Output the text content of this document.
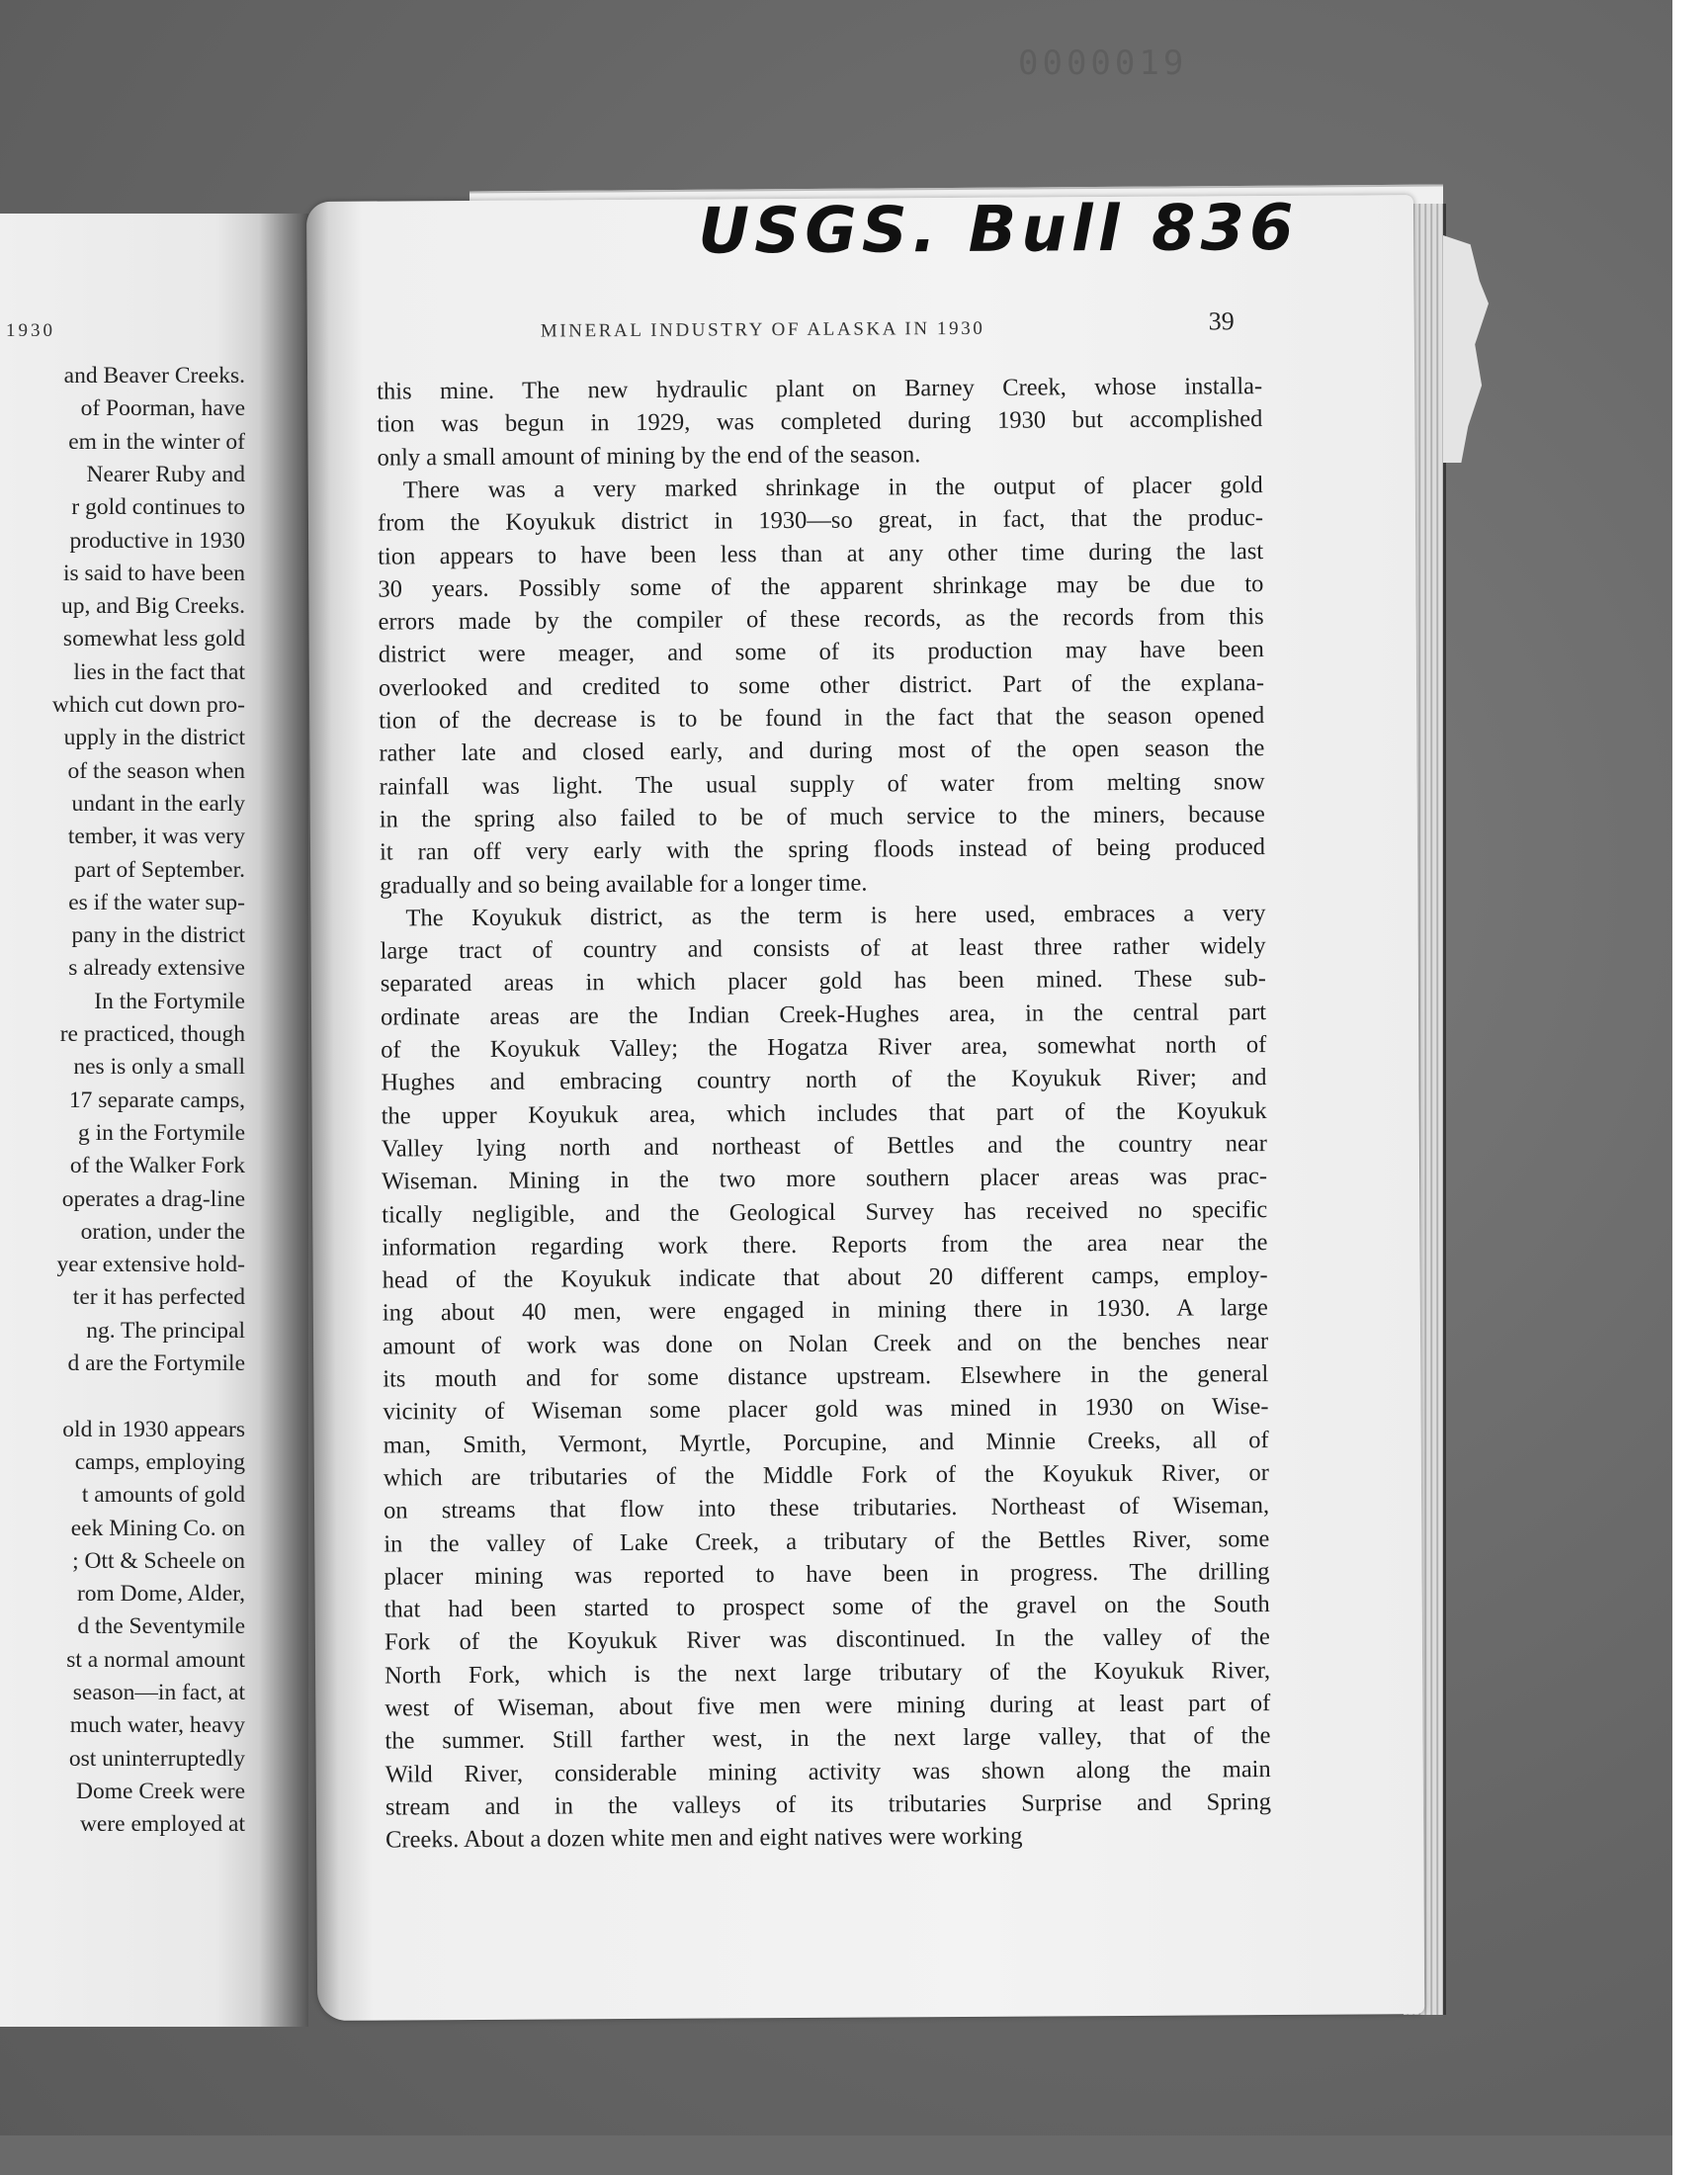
0000019
1930
and Beaver Creeks.
of Poorman, have
em in the winter of
Nearer Ruby and
r gold continues to
productive in 1930
is said to have been
up, and Big Creeks.
somewhat less gold
lies in the fact that
which cut down pro-
upply in the district
of the season when
undant in the early
tember, it was very
part of September.
es if the water sup-
pany in the district
s already extensive
In the Fortymile
re practiced, though
nes is only a small
17 separate camps,
g in the Fortymile
of the Walker Fork
operates a drag-line
oration, under the
year extensive hold-
ter it has perfected
ng. The principal
d are the Fortymile
old in 1930 appears
camps, employing
t amounts of gold
eek Mining Co. on
; Ott & Scheele on
rom Dome, Alder,
d the Seventymile
st a normal amount
season—in fact, at
much water, heavy
ost uninterruptedly
Dome Creek were
were employed at
USGS. Bull 836
MINERAL INDUSTRY OF ALASKA IN 1930	39
this mine. The new hydraulic plant on Barney Creek, whose installa-
tion was begun in 1929, was completed during 1930 but accomplished
only a small amount of mining by the end of the season.
There was a very marked shrinkage in the output of placer gold
from the Koyukuk district in 1930—so great, in fact, that the produc-
tion appears to have been less than at any other time during the last
30 years. Possibly some of the apparent shrinkage may be due to
errors made by the compiler of these records, as the records from this
district were meager, and some of its production may have been
overlooked and credited to some other district. Part of the explana-
tion of the decrease is to be found in the fact that the season opened
rather late and closed early, and during most of the open season the
rainfall was light. The usual supply of water from melting snow
in the spring also failed to be of much service to the miners, because
it ran off very early with the spring floods instead of being produced
gradually and so being available for a longer time.
The Koyukuk district, as the term is here used, embraces a very
large tract of country and consists of at least three rather widely
separated areas in which placer gold has been mined. These sub-
ordinate areas are the Indian Creek-Hughes area, in the central part
of the Koyukuk Valley; the Hogatza River area, somewhat north of
Hughes and embracing country north of the Koyukuk River; and
the upper Koyukuk area, which includes that part of the Koyukuk
Valley lying north and northeast of Bettles and the country near
Wiseman. Mining in the two more southern placer areas was prac-
tically negligible, and the Geological Survey has received no specific
information regarding work there. Reports from the area near the
head of the Koyukuk indicate that about 20 different camps, employ-
ing about 40 men, were engaged in mining there in 1930. A large
amount of work was done on Nolan Creek and on the benches near
its mouth and for some distance upstream. Elsewhere in the general
vicinity of Wiseman some placer gold was mined in 1930 on Wise-
man, Smith, Vermont, Myrtle, Porcupine, and Minnie Creeks, all of
which are tributaries of the Middle Fork of the Koyukuk River, or
on streams that flow into these tributaries. Northeast of Wiseman,
in the valley of Lake Creek, a tributary of the Bettles River, some
placer mining was reported to have been in progress. The drilling
that had been started to prospect some of the gravel on the South
Fork of the Koyukuk River was discontinued. In the valley of the
North Fork, which is the next large tributary of the Koyukuk River,
west of Wiseman, about five men were mining during at least part of
the summer. Still farther west, in the next large valley, that of the
Wild River, considerable mining activity was shown along the main
stream and in the valleys of its tributaries Surprise and Spring
Creeks. About a dozen white men and eight natives were working
